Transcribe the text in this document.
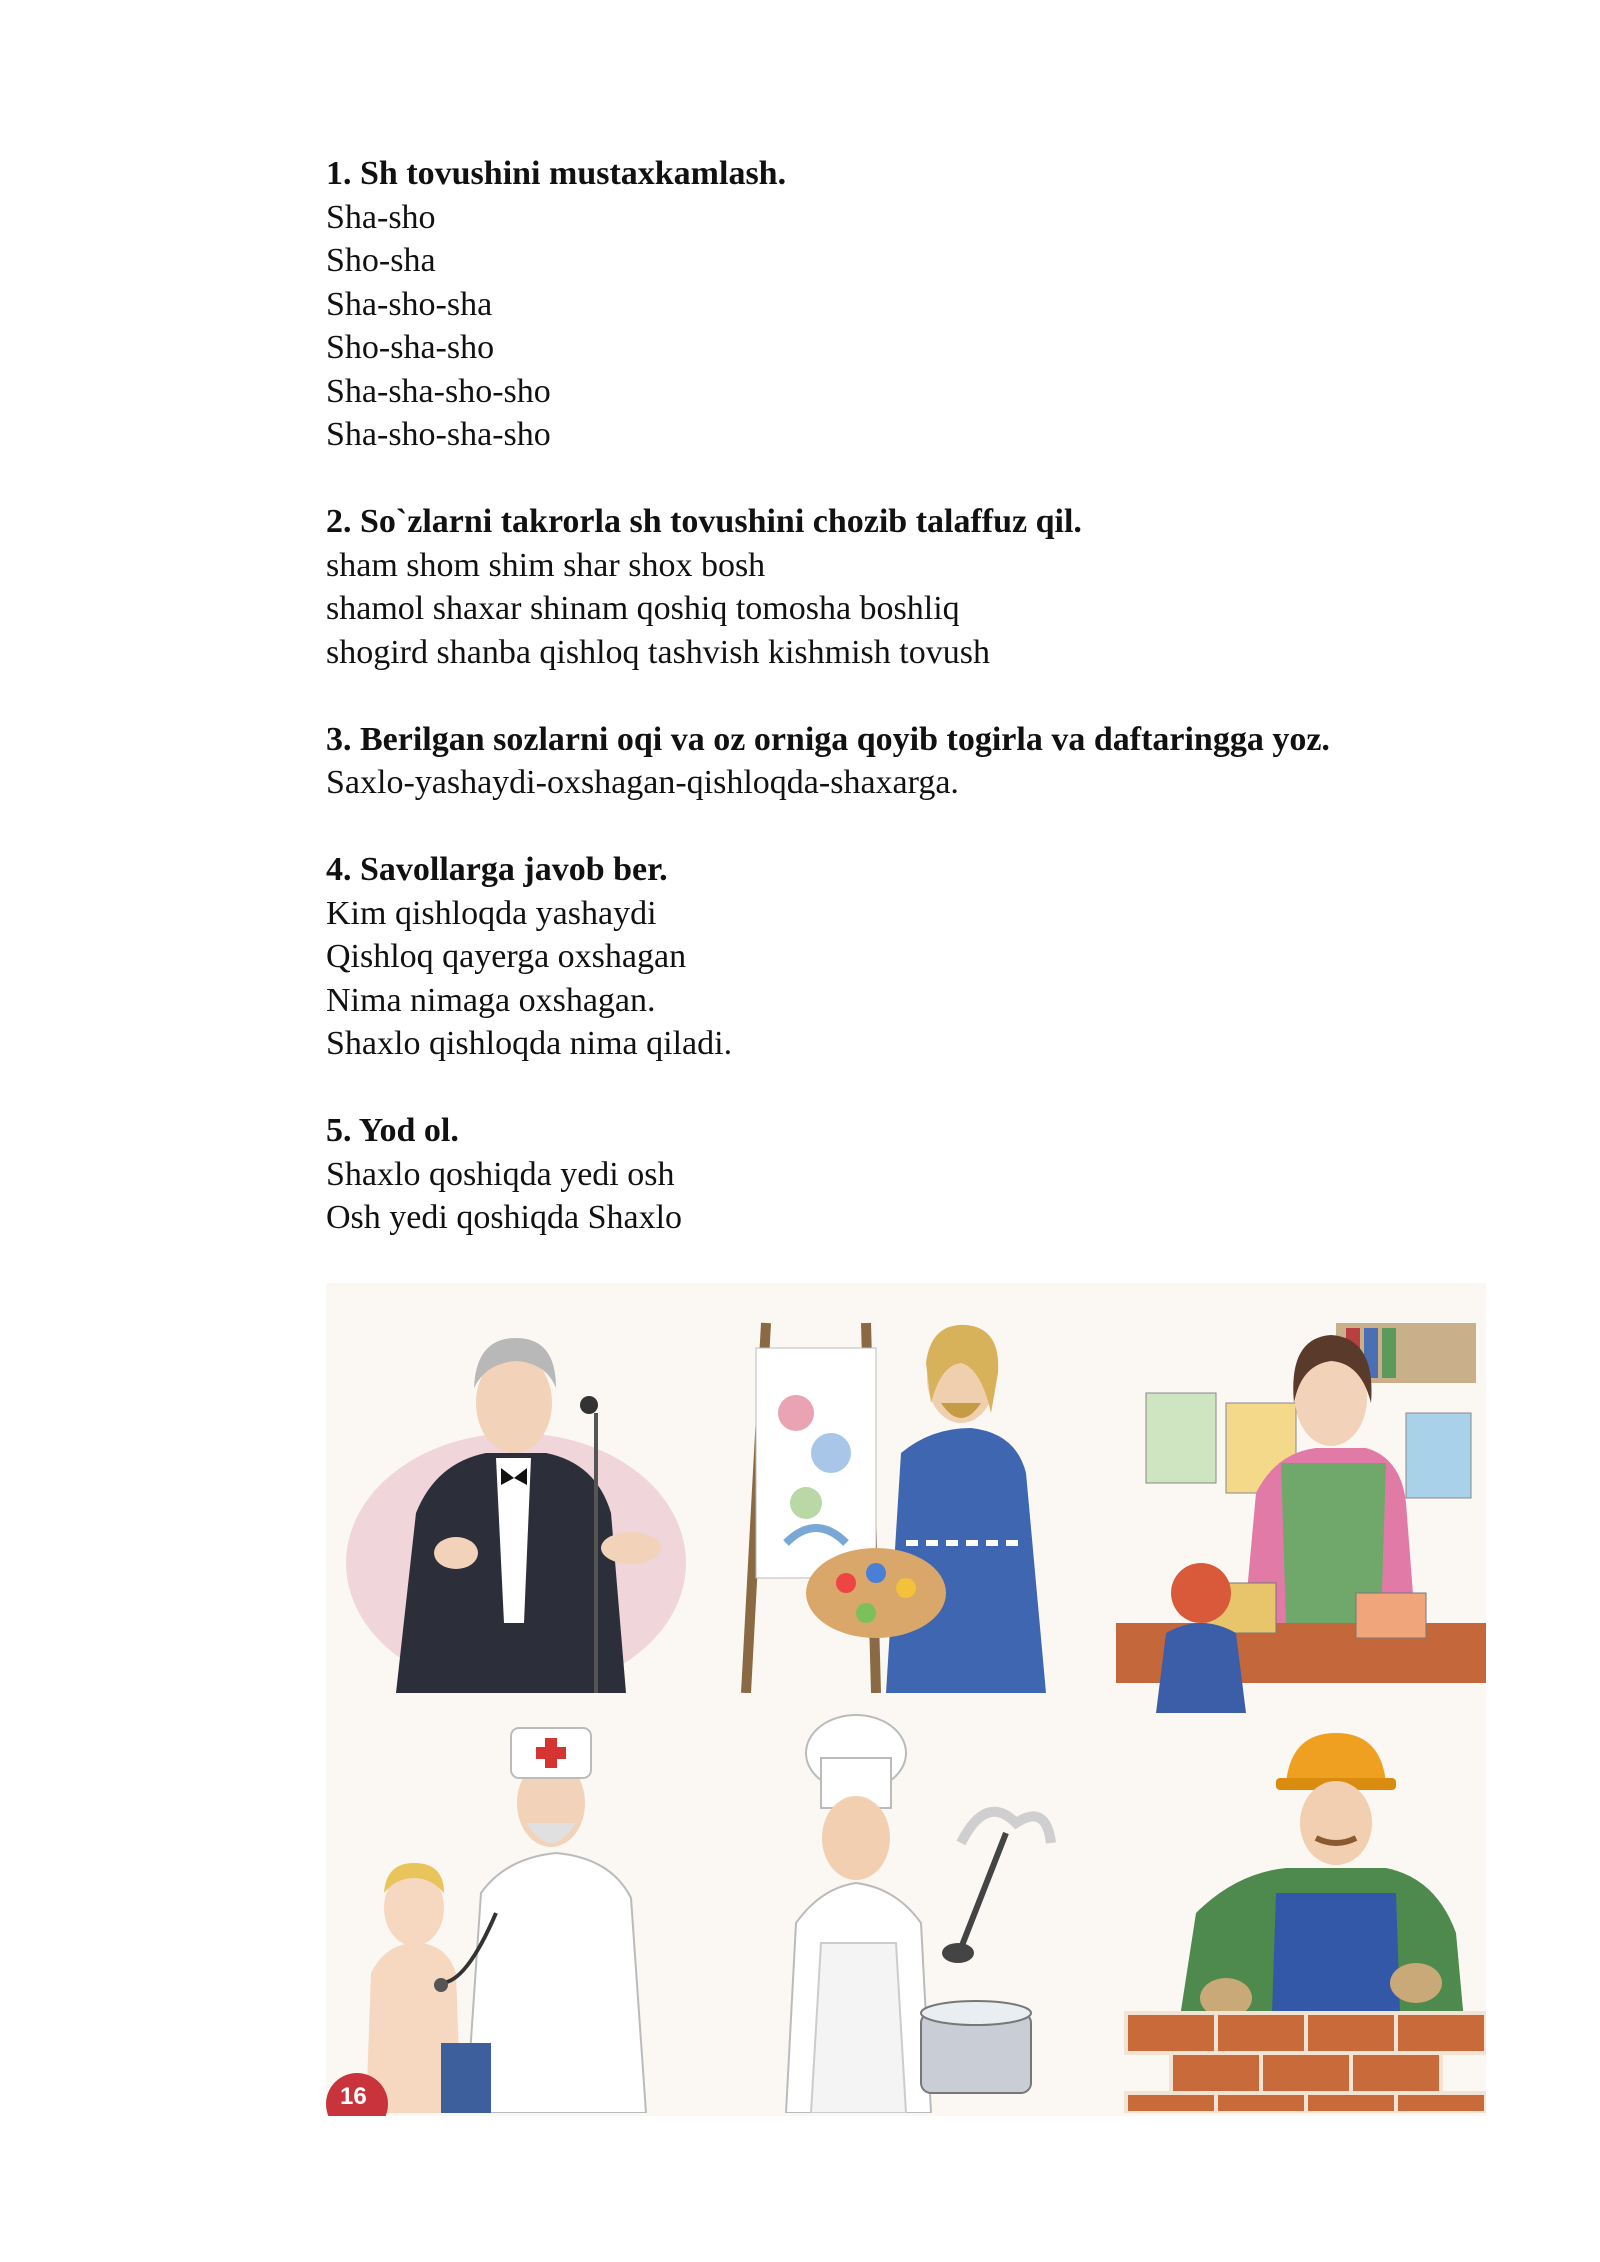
1. Sh tovushini mustaxkamlash.
Sha-sho
Sho-sha
Sha-sho-sha
Sho-sha-sho
Sha-sha-sho-sho
Sha-sho-sha-sho
2. So`zlarni takrorla sh tovushini chozib talaffuz qil.
sham shom shim shar shox bosh
shamol shaxar shinam qoshiq tomosha boshliq
shogird shanba qishloq tashvish kishmish tovush
3. Berilgan sozlarni oqi va oz orniga qoyib togirla va daftaringga yoz.
Saxlo-yashaydi-oxshagan-qishloqda-shaxarga.
4. Savollarga javob ber.
Kim qishloqda yashaydi
Qishloq qayerga oxshagan
Nima nimaga oxshagan.
Shaxlo qishloqda nima qiladi.
5. Yod ol.
Shaxlo qoshiqda yedi osh
Osh yedi qoshiqda Shaxlo
16
